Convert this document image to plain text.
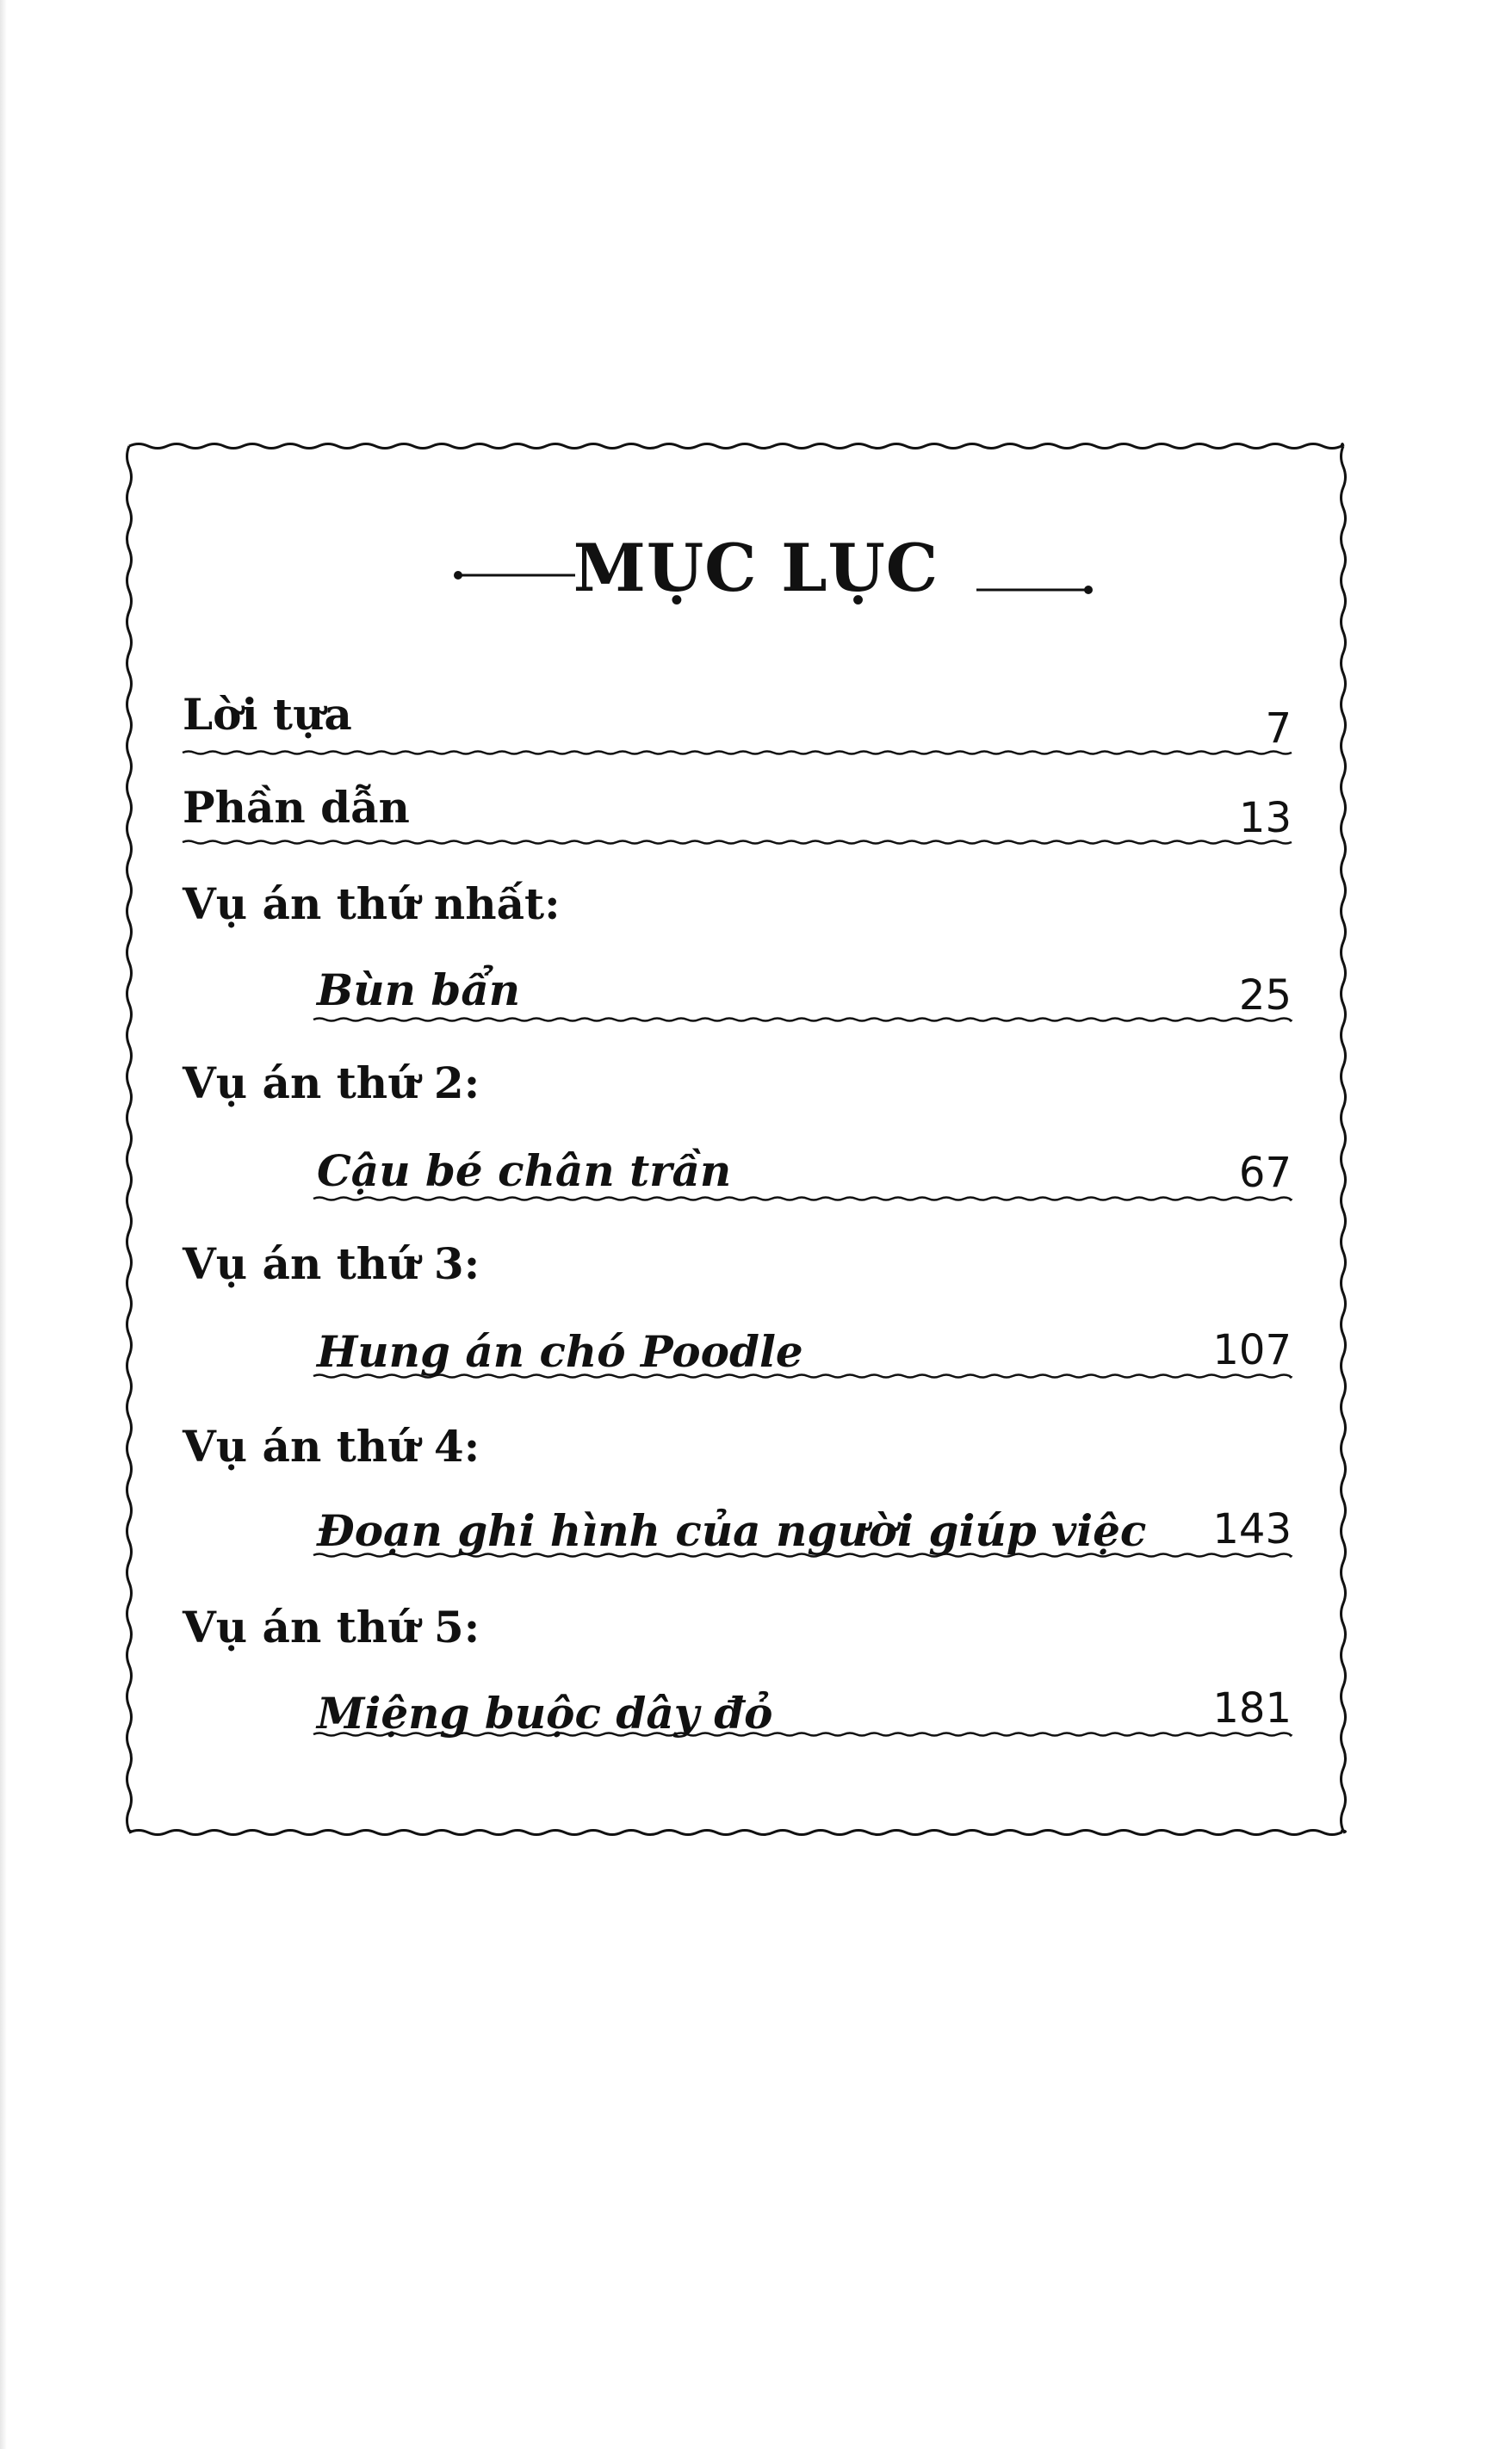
MỤC LỤC
Lời tựa	7
Phần dẫn	13
Vụ án thứ nhất:
Bùn bẩn	25
Vụ án thứ 2:
Cậu bé chân trần	67
Vụ án thứ 3:
Hung án chó Poodle	107
Vụ án thứ 4:
Đoạn ghi hình của người giúp việc 143
Vụ án thứ 5:
Miệng buộc dây đỏ	181
